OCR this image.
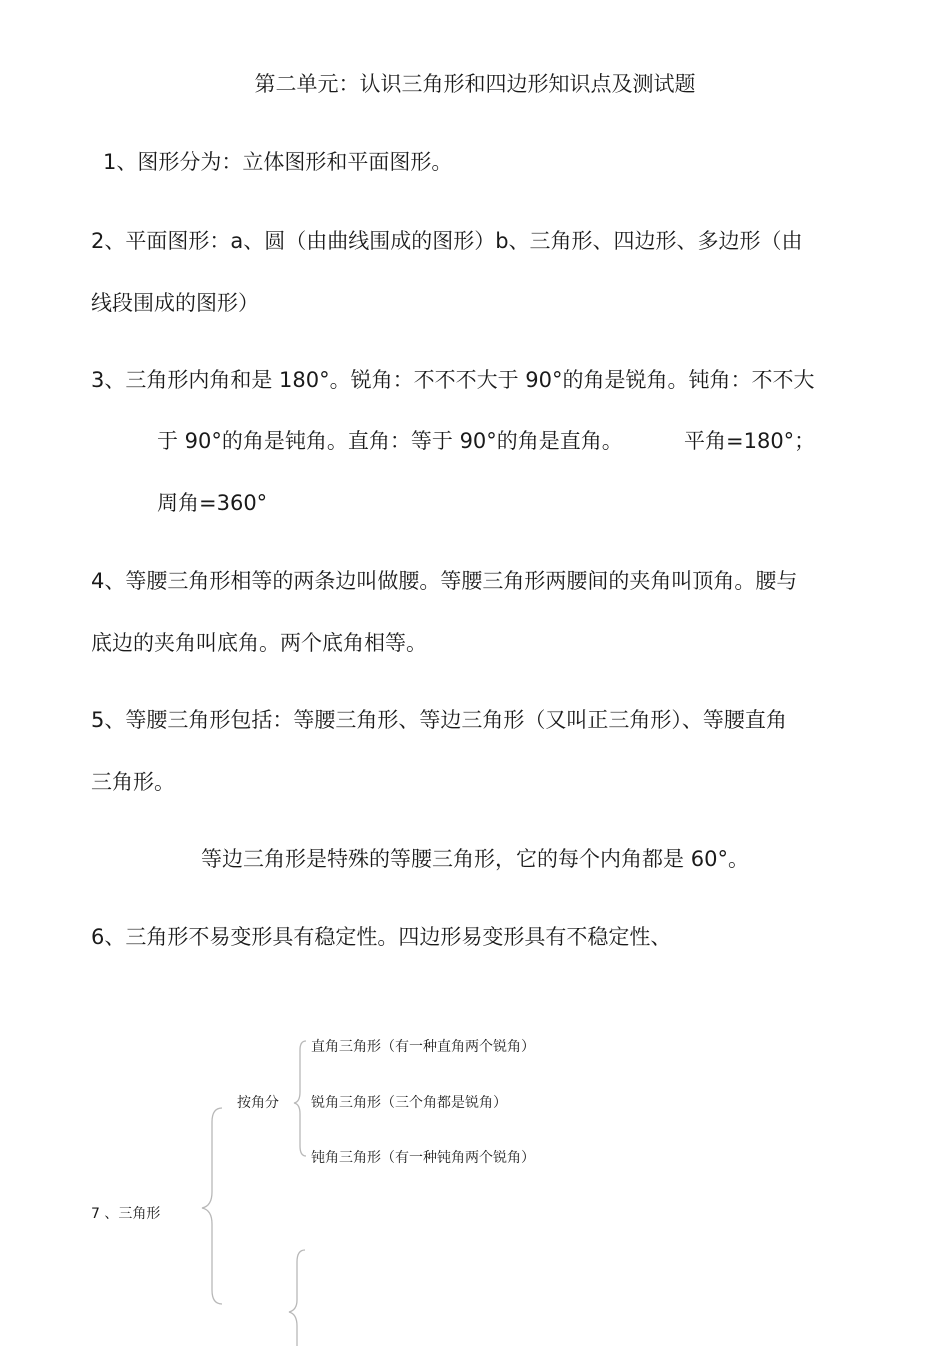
第二单元：认识三角形和四边形知识点及测试题
1、图形分为：立体图形和平面图形。
2、平面图形：a、圆（由曲线围成的图形）b、三角形、四边形、多边形（由
线段围成的图形）
3、三角形内角和是 180°。锐角：不不不大于 90°的角是锐角。钝角：不不大
于 90°的角是钝角。直角：等于 90°的角是直角。	平角=180°；
周角=360°
4、等腰三角形相等的两条边叫做腰。等腰三角形两腰间的夹角叫顶角。腰与
底边的夹角叫底角。两个底角相等。
5、等腰三角形包括：等腰三角形、等边三角形（又叫正三角形）、等腰直角
三角形。
等边三角形是特殊的等腰三角形，它的每个内角都是 60°。
6、三角形不易变形具有稳定性。四边形易变形具有不稳定性、
7 、三角形
按角分
直角三角形（有一种直角两个锐角）
锐角三角形（三个角都是锐角）
钝角三角形（有一种钝角两个锐角）
